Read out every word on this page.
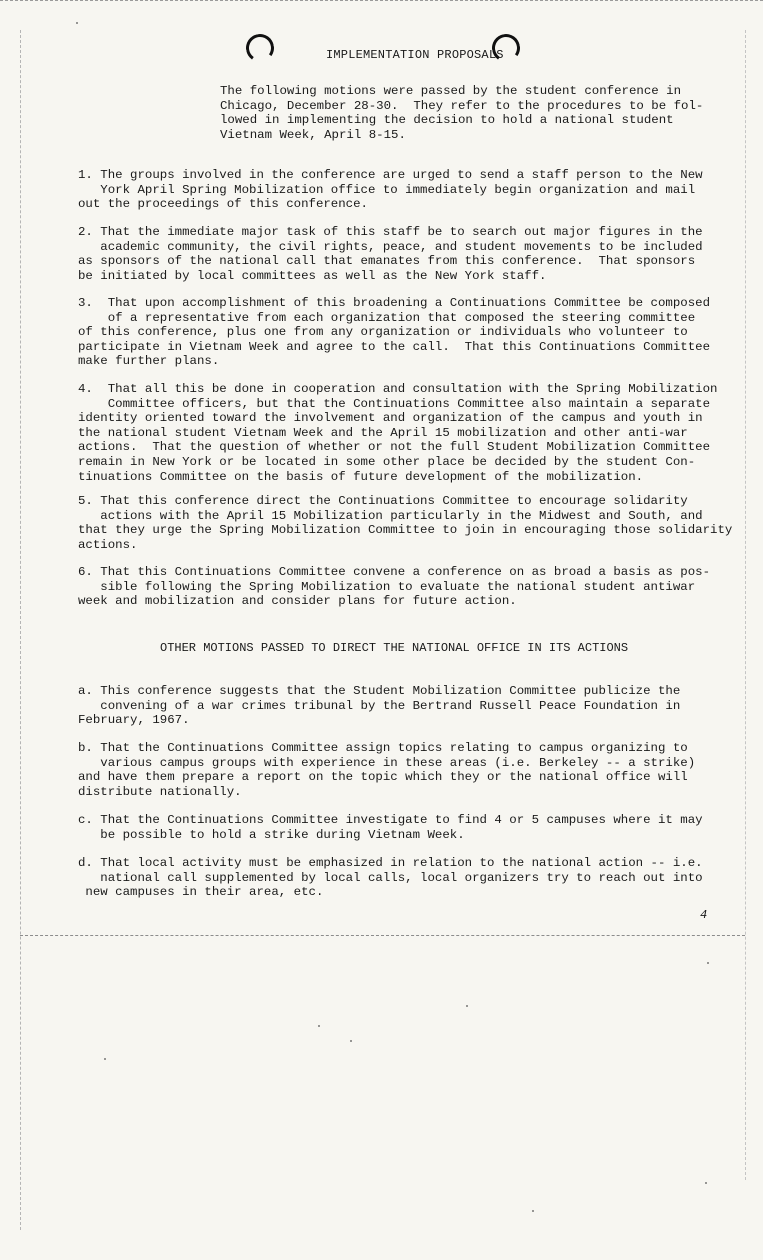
IMPLEMENTATION PROPOSALS
The following motions were passed by the student conference in
Chicago, December 28-30.  They refer to the procedures to be fol-
lowed in implementing the decision to hold a national student
Vietnam Week, April 8-15.
1. The groups involved in the conference are urged to send a staff person to the New
York April Spring Mobilization office to immediately begin organization and mail
out the proceedings of this conference.
2. That the immediate major task of this staff be to search out major figures in the
academic community, the civil rights, peace, and student movements to be included
as sponsors of the national call that emanates from this conference.  That sponsors
be initiated by local committees as well as the New York staff.
3.  That upon accomplishment of this broadening a Continuations Committee be composed
of a representative from each organization that composed the steering committee
of this conference, plus one from any organization or individuals who volunteer to
participate in Vietnam Week and agree to the call.  That this Continuations Committee
make further plans.
4.  That all this be done in cooperation and consultation with the Spring Mobilization
Committee officers, but that the Continuations Committee also maintain a separate
identity oriented toward the involvement and organization of the campus and youth in
the national student Vietnam Week and the April 15 mobilization and other anti-war
actions.  That the question of whether or not the full Student Mobilization Committee
remain in New York or be located in some other place be decided by the student Con-
tinuations Committee on the basis of future development of the mobilization.
5. That this conference direct the Continuations Committee to encourage solidarity
actions with the April 15 Mobilization particularly in the Midwest and South, and
that they urge the Spring Mobilization Committee to join in encouraging those solidarity
actions.
6. That this Continuations Committee convene a conference on as broad a basis as pos-
sible following the Spring Mobilization to evaluate the national student antiwar
week and mobilization and consider plans for future action.
OTHER MOTIONS PASSED TO DIRECT THE NATIONAL OFFICE IN ITS ACTIONS
a. This conference suggests that the Student Mobilization Committee publicize the
convening of a war crimes tribunal by the Bertrand Russell Peace Foundation in
February, 1967.
b. That the Continuations Committee assign topics relating to campus organizing to
various campus groups with experience in these areas (i.e. Berkeley -- a strike)
and have them prepare a report on the topic which they or the national office will
distribute nationally.
c. That the Continuations Committee investigate to find 4 or 5 campuses where it may
be possible to hold a strike during Vietnam Week.
d. That local activity must be emphasized in relation to the national action -- i.e.
national call supplemented by local calls, local organizers try to reach out into
new campuses in their area, etc.
4
